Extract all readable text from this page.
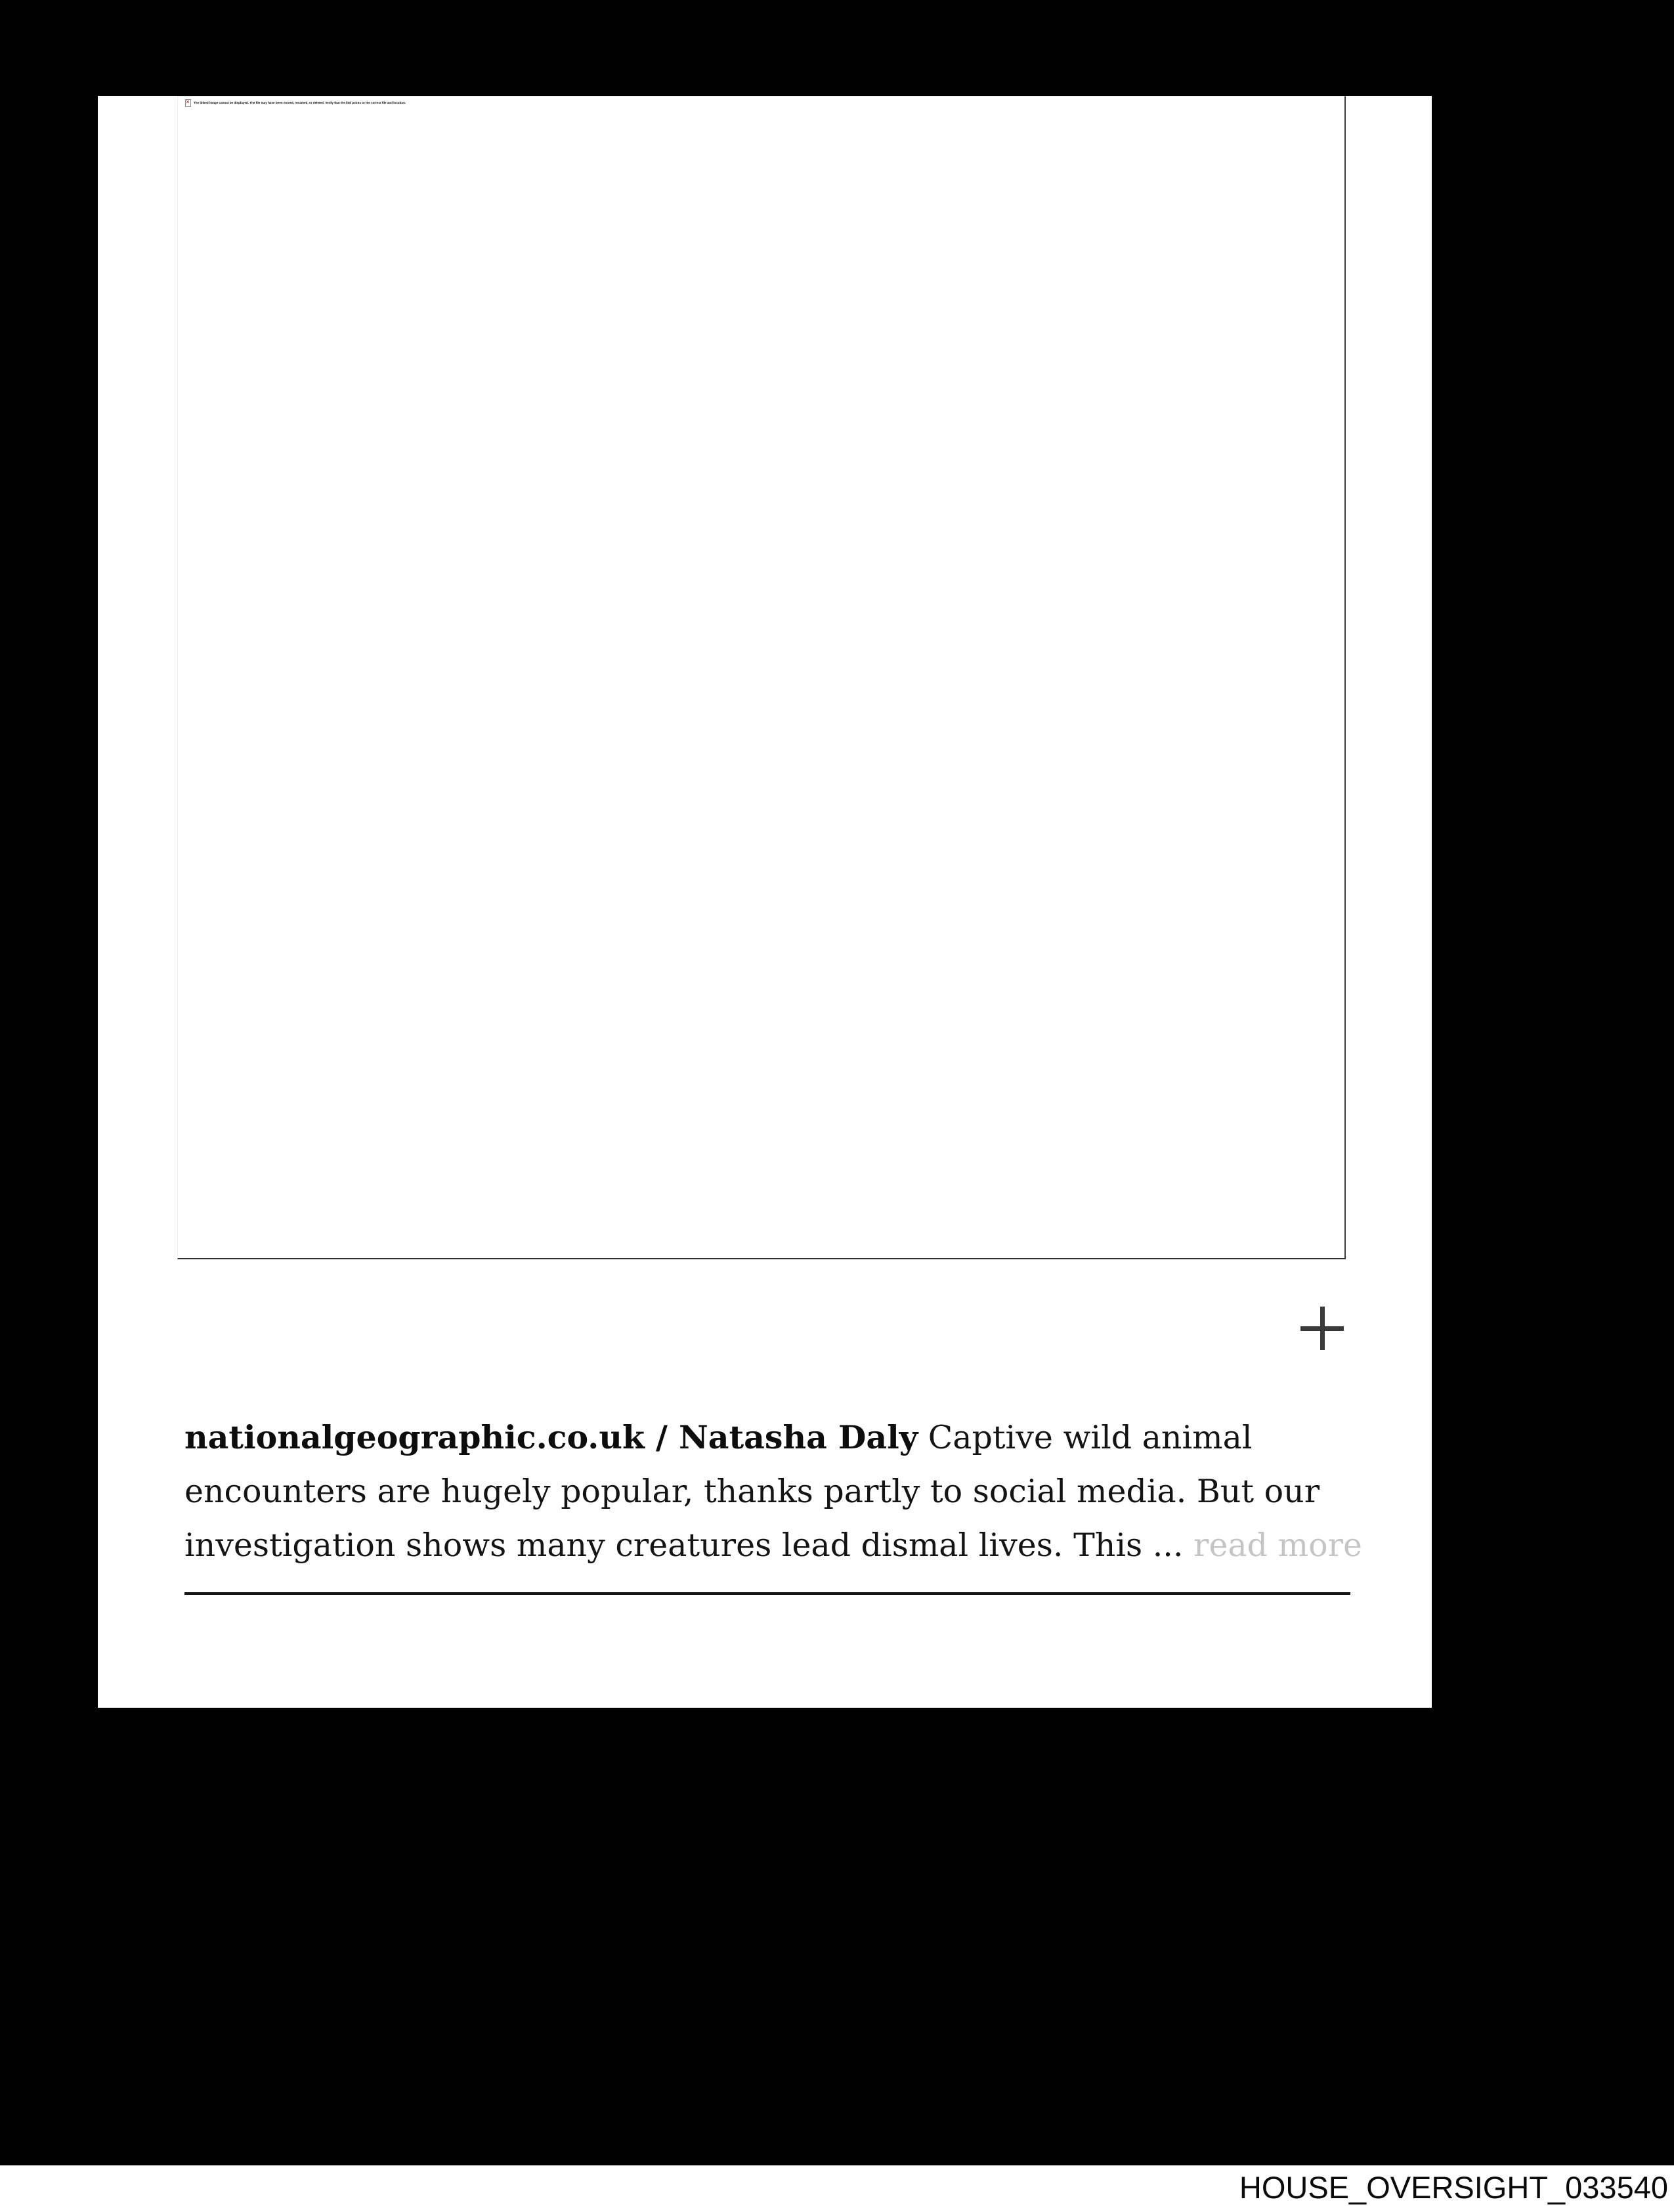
The linked image cannot be displayed. The file may have been moved, renamed, or deleted. Verify that the link points to the correct file and location.
nationalgeographic.co.uk / Natasha Daly Captive wild animal
encounters are hugely popular, thanks partly to social media. But our
investigation shows many creatures lead dismal lives. This ... read more
HOUSE_OVERSIGHT_033540
